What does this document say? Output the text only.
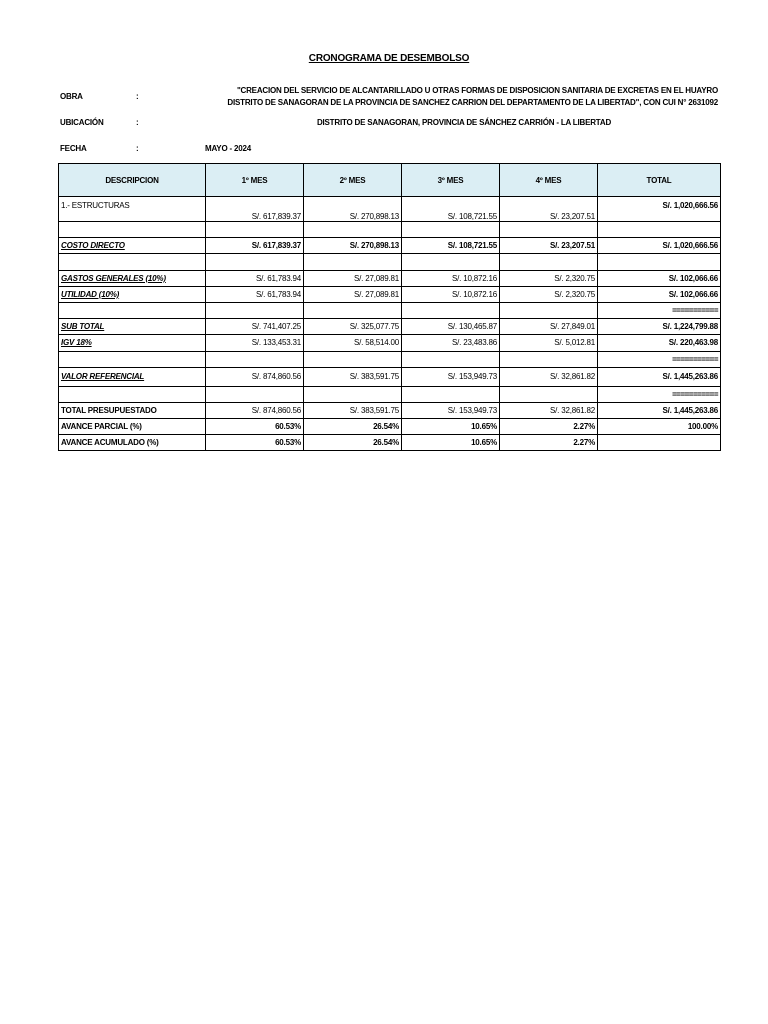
CRONOGRAMA DE DESEMBOLSO
OBRA	:
"CREACION DEL SERVICIO DE ALCANTARILLADO U OTRAS FORMAS DE DISPOSICION SANITARIA DE EXCRETAS EN EL HUAYRO
DISTRITO DE SANAGORAN DE LA PROVINCIA DE SANCHEZ CARRION DEL DEPARTAMENTO DE LA LIBERTAD", CON CUI N° 2631092
UBICACIÓN	:	DISTRITO DE SANAGORAN, PROVINCIA DE SÁNCHEZ CARRIÓN - LA LIBERTAD
FECHA	:	MAYO - 2024
DESCRIPCION	1º MES	2º MES	3º MES	4º MES	TOTAL
1.- ESTRUCTURAS	S/. 617,839.37	S/. 270,898.13	S/. 108,721.55	S/. 23,207.51	S/. 1,020,666.56

COSTO DIRECTO	S/. 617,839.37	S/. 270,898.13	S/. 108,721.55	S/. 23,207.51	S/. 1,020,666.56

GASTOS GENERALES (10%)	S/. 61,783.94	S/. 27,089.81	S/. 10,872.16	S/. 2,320.75	S/. 102,066.66
UTILIDAD (10%)	S/. 61,783.94	S/. 27,089.81	S/. 10,872.16	S/. 2,320.75	S/. 102,066.66
					===========
SUB TOTAL	S/. 741,407.25	S/. 325,077.75	S/. 130,465.87	S/. 27,849.01	S/. 1,224,799.88
IGV 18%	S/. 133,453.31	S/. 58,514.00	S/. 23,483.86	S/. 5,012.81	S/. 220,463.98
					===========
VALOR REFERENCIAL	S/. 874,860.56	S/. 383,591.75	S/. 153,949.73	S/. 32,861.82	S/. 1,445,263.86
					===========
TOTAL PRESUPUESTADO	S/. 874,860.56	S/. 383,591.75	S/. 153,949.73	S/. 32,861.82	S/. 1,445,263.86
AVANCE PARCIAL (%)	60.53%	26.54%	10.65%	2.27%	100.00%
AVANCE ACUMULADO (%)	60.53%	26.54%	10.65%	2.27%	
